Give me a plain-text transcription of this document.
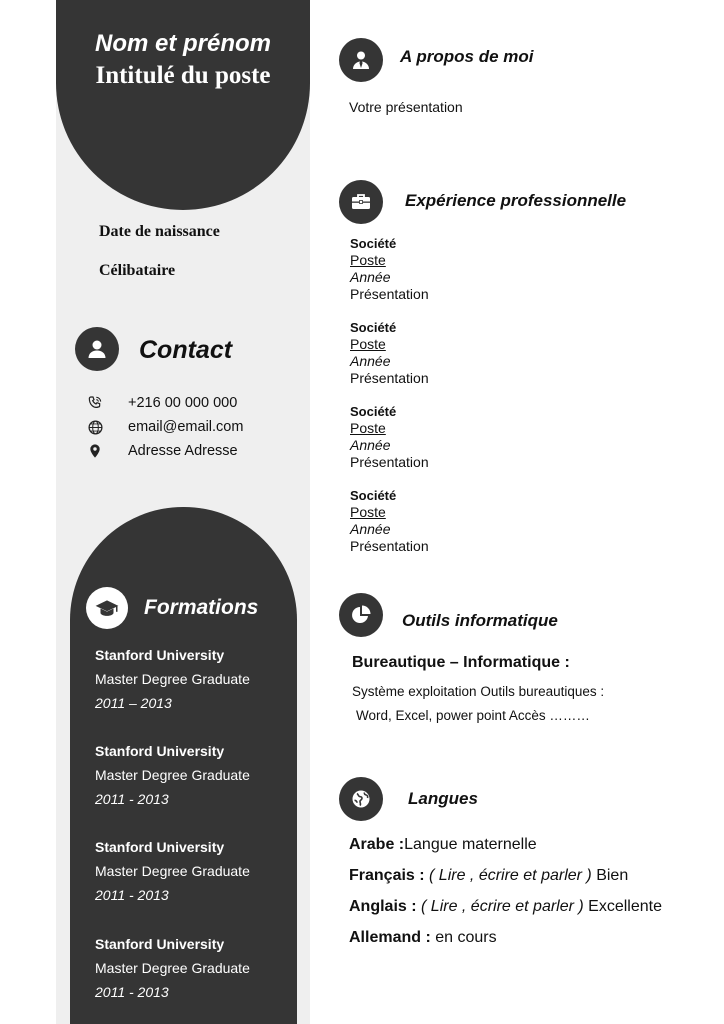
Nom et prénom
Intitulé du poste
Date de naissance
Célibataire
Contact
+216 00 000 000
email@email.com
Adresse Adresse
Formations
Stanford University
Master Degree Graduate
2011 – 2013
Stanford University
Master Degree Graduate
2011 - 2013
Stanford University
Master Degree Graduate
2011 - 2013
Stanford University
Master Degree Graduate
2011 - 2013
A propos de moi
Votre présentation
Expérience professionnelle
Société
Poste
Année
Présentation
Société
Poste
Année
Présentation
Société
Poste
Année
Présentation
Société
Poste
Année
Présentation
Outils informatique
Bureautique – Informatique :
Système exploitation Outils bureautiques :
Word, Excel, power point Accès ………
Langues
Arabe :Langue maternelle
Français : ( Lire , écrire et parler ) Bien
Anglais : ( Lire , écrire et parler ) Excellente
Allemand : en cours
